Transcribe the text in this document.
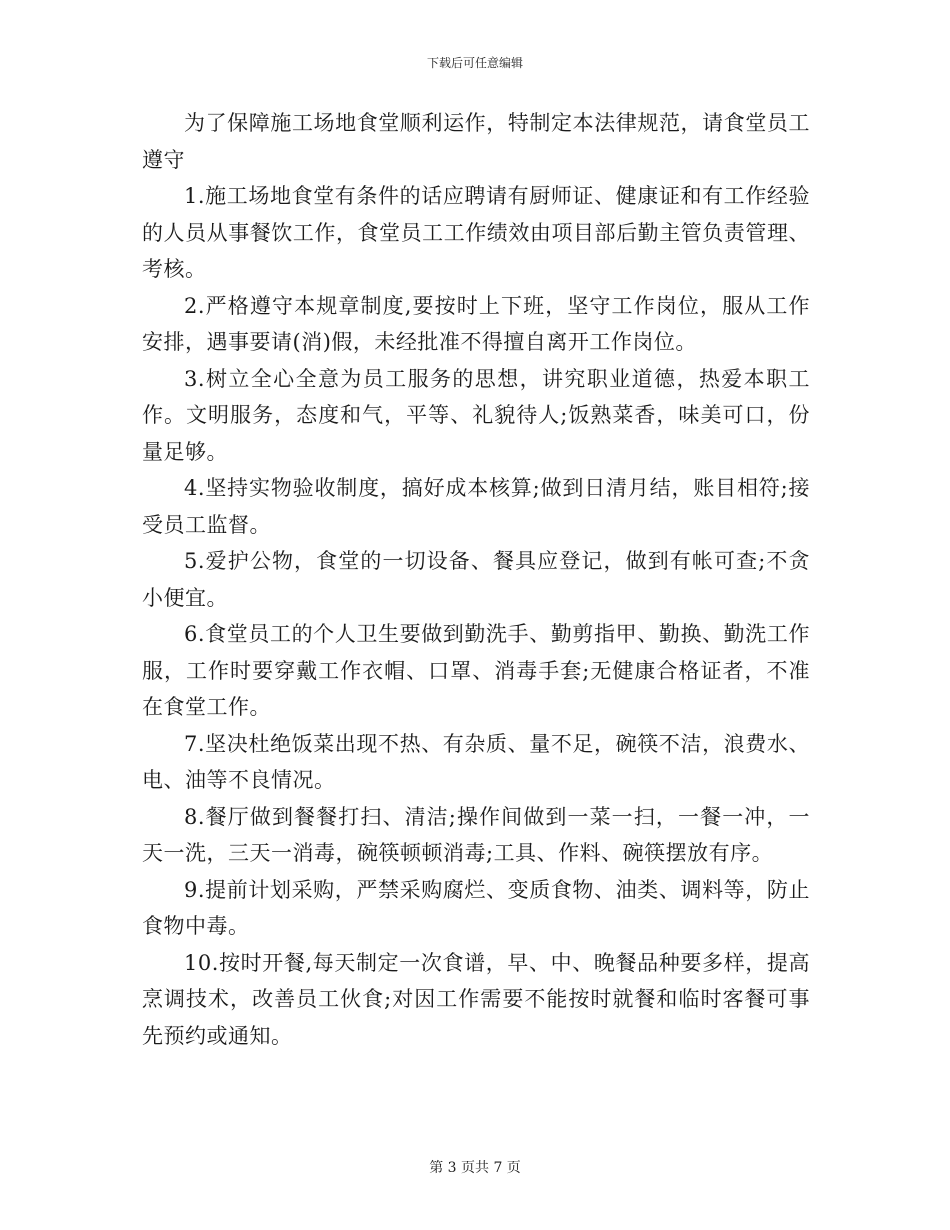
下载后可任意编辑

为了保障施工场地食堂顺利运作，特制定本法律规范，请食堂员工遵守

1.施工场地食堂有条件的话应聘请有厨师证、健康证和有工作经验的人员从事餐饮工作，食堂员工工作绩效由项目部后勤主管负责管理、考核。

2.严格遵守本规章制度,要按时上下班，坚守工作岗位，服从工作安排，遇事要请(消)假，未经批准不得擅自离开工作岗位。

3.树立全心全意为员工服务的思想，讲究职业道德，热爱本职工作。文明服务，态度和气，平等、礼貌待人;饭熟菜香，味美可口，份量足够。

4.坚持实物验收制度，搞好成本核算;做到日清月结，账目相符;接受员工监督。

5.爱护公物，食堂的一切设备、餐具应登记，做到有帐可查;不贪小便宜。

6.食堂员工的个人卫生要做到勤洗手、勤剪指甲、勤换、勤洗工作服，工作时要穿戴工作衣帽、口罩、消毒手套;无健康合格证者，不准在食堂工作。

7.坚决杜绝饭菜出现不热、有杂质、量不足，碗筷不洁，浪费水、电、油等不良情况。

8.餐厅做到餐餐打扫、清洁;操作间做到一菜一扫，一餐一冲，一天一洗，三天一消毒，碗筷顿顿消毒;工具、作料、碗筷摆放有序。

9.提前计划采购，严禁采购腐烂、变质食物、油类、调料等，防止食物中毒。

10.按时开餐,每天制定一次食谱，早、中、晚餐品种要多样，提高烹调技术，改善员工伙食;对因工作需要不能按时就餐和临时客餐可事先预约或通知。

第 3 页共 7 页
